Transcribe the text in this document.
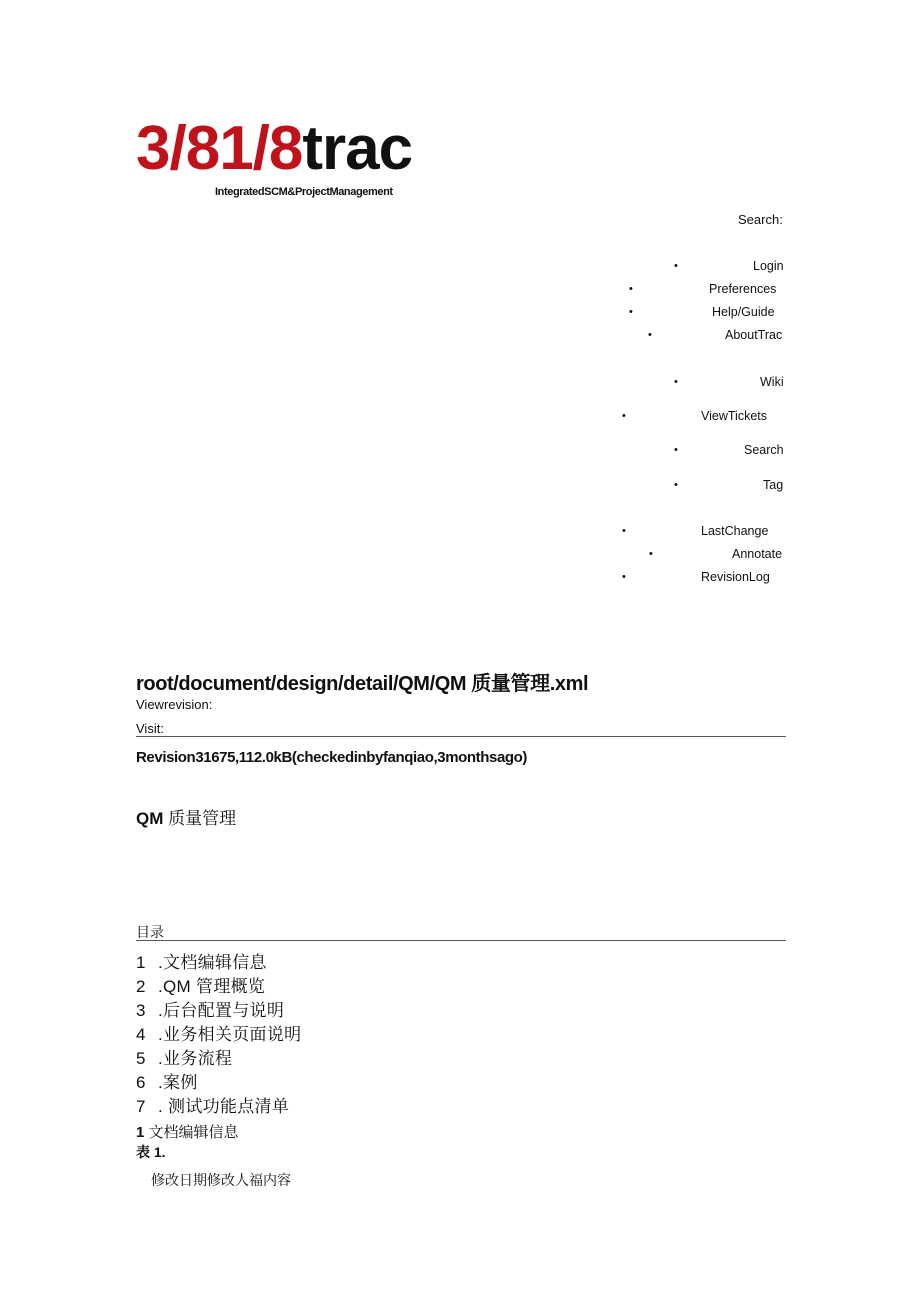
3/81/8trac
IntegratedSCM&ProjectManagement
Search:
•	Login
•	Preferences
•	Help/Guide
•	AboutTrac
•	Wiki
•	ViewTickets
•	Search
•	Tag
•	LastChange
•	Annotate
•	RevisionLog
root/document/design/detail/QM/QM 质量管理.xml
Viewrevision:
Visit:
Revision31675,112.0kB(checkedinbyfanqiao,3monthsago)
QM 质量管理
目录
1 .文档编辑信息
2 .QM 管理概览
3 .后台配置与说明
4 .业务相关页面说明
5 .业务流程
6 .案例
7 . 测试功能点清单
1 文档编辑信息
表 1.
修改日期修改人福内容
